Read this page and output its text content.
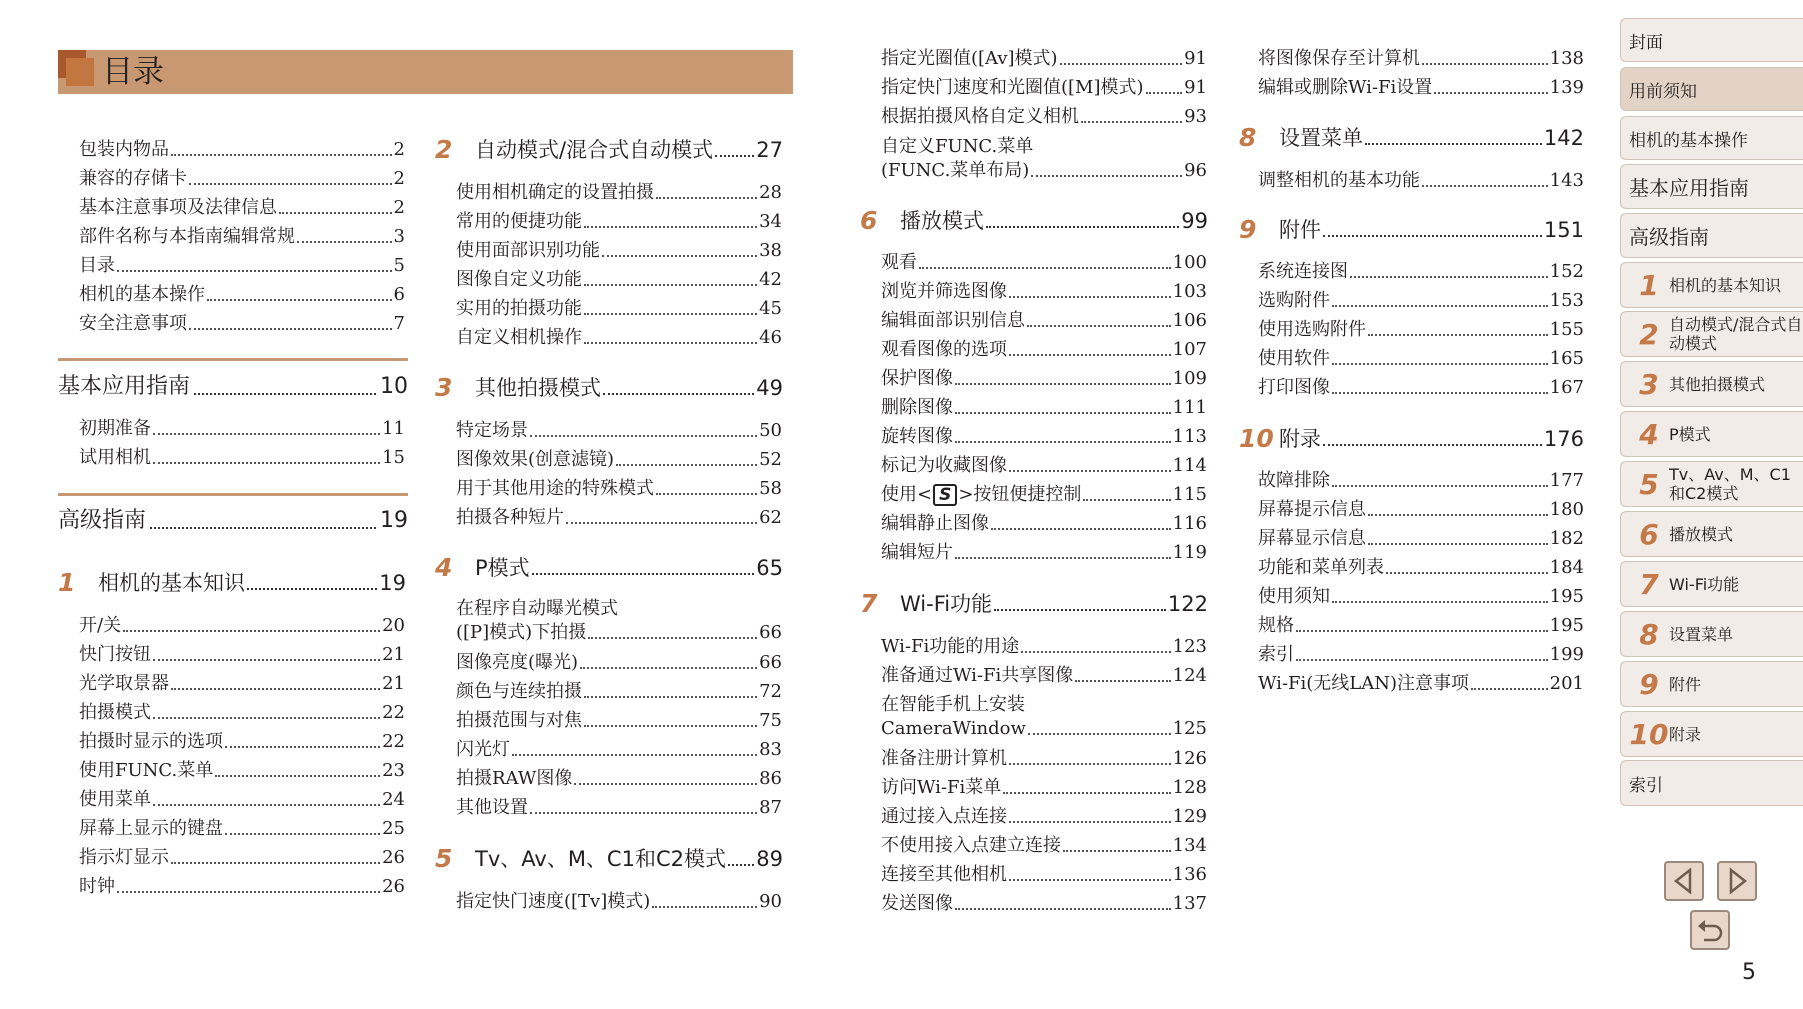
目录
包装内物品	2
兼容的存储卡	2
基本注意事项及法律信息	2
部件名称与本指南编辑常规	3
目录	5
相机的基本操作	6
安全注意事项	7
基本应用指南	10
初期准备	11
试用相机	15
高级指南	19
1	相机的基本知识	19
开/关	20
快门按钮	21
光学取景器	21
拍摄模式	22
拍摄时显示的选项	22
使用FUNC.菜单	23
使用菜单	24
屏幕上显示的键盘	25
指示灯显示	26
时钟	26
2	自动模式/混合式自动模式 27
使用相机确定的设置拍摄	28
常用的便捷功能	34
使用面部识别功能	38
图像自定义功能	42
实用的拍摄功能	45
自定义相机操作	46
3	其他拍摄模式	49
特定场景	50
图像效果(创意滤镜)	52
用于其他用途的特殊模式	58
拍摄各种短片	62
4	P模式	65
在程序自动曝光模式
([P]模式)下拍摄	66
图像亮度(曝光)	66
颜色与连续拍摄	72
拍摄范围与对焦	75
闪光灯	83
拍摄RAW图像	86
其他设置	87
5	Tv、Av、M、C1和C2模式 89
指定快门速度([Tv]模式)	90
指定光圈值([Av]模式)	91
指定快门速度和光圈值([M]模式) 91
根据拍摄风格自定义相机	93
自定义FUNC.菜单
(FUNC.菜单布局)	96
6	播放模式	99
观看	100
浏览并筛选图像	103
编辑面部识别信息	106
观看图像的选项	107
保护图像	109
删除图像	111
旋转图像	113
标记为收藏图像	114
使用< S >按钮便捷控制	115
编辑静止图像	116
编辑短片	119
7	Wi-Fi功能	122
Wi-Fi功能的用途	123
准备通过Wi-Fi共享图像	124
在智能手机上安装
CameraWindow	125
准备注册计算机	126
访问Wi-Fi菜单	128
通过接入点连接	129
不使用接入点建立连接	134
连接至其他相机	136
发送图像	137
将图像保存至计算机	138
编辑或删除Wi-Fi设置	139
8	设置菜单	142
调整相机的基本功能	143
9	附件	151
系统连接图	152
选购附件	153
使用选购附件	155
使用软件	165
打印图像	167
10 附录	176
故障排除	177
屏幕提示信息	180
屏幕显示信息	182
功能和菜单列表	184
使用须知	195
规格	195
索引	199
Wi-Fi(无线LAN)注意事项	201
封面
用前须知
相机的基本操作
基本应用指南
高级指南
1 相机的基本知识
2 自动模式/混合式自动模式
3 其他拍摄模式
4 P模式
5 Tv、Av、M、C1和C2模式
6 播放模式
7 Wi-Fi功能
8 设置菜单
9 附件
10 附录
索引
5
